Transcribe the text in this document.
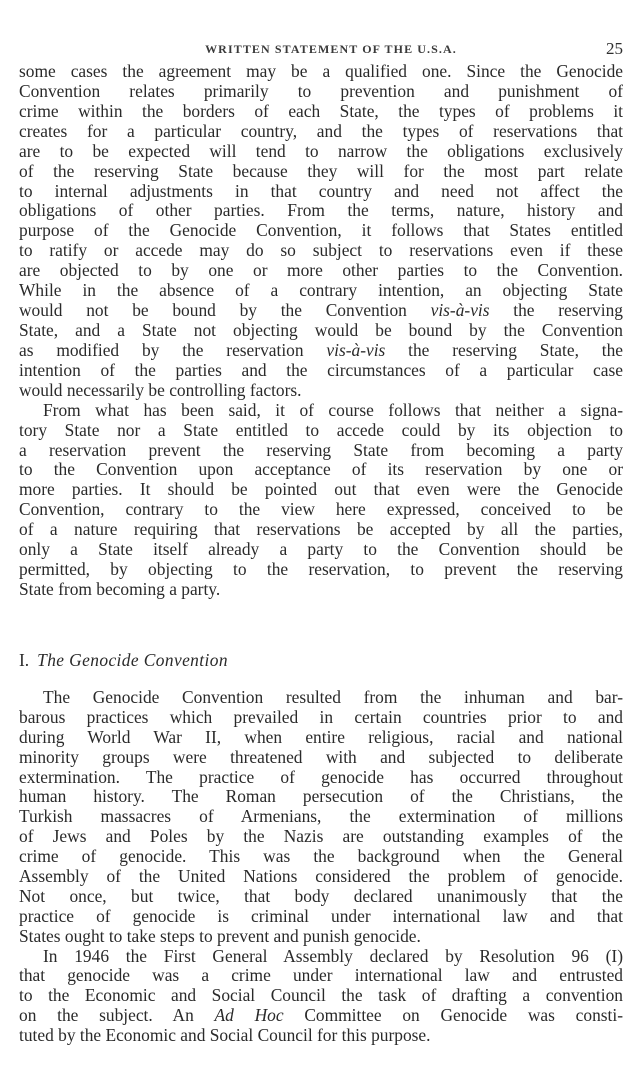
WRITTEN STATEMENT OF THE U.S.A.	25
some cases the agreement may be a qualified one. Since the Genocide
Convention relates primarily to prevention and punishment of
crime within the borders of each State, the types of problems it
creates for a particular country, and the types of reservations that
are to be expected will tend to narrow the obligations exclusively
of the reserving State because they will for the most part relate
to internal adjustments in that country and need not affect the
obligations of other parties. From the terms, nature, history and
purpose of the Genocide Convention, it follows that States entitled
to ratify or accede may do so subject to reservations even if these
are objected to by one or more other parties to the Convention.
While in the absence of a contrary intention, an objecting State
would not be bound by the Convention vis-à-vis the reserving
State, and a State not objecting would be bound by the Convention
as modified by the reservation vis-à-vis the reserving State, the
intention of the parties and the circumstances of a particular case
would necessarily be controlling factors.
From what has been said, it of course follows that neither a signa-
tory State nor a State entitled to accede could by its objection to
a reservation prevent the reserving State from becoming a party
to the Convention upon acceptance of its reservation by one or
more parties. It should be pointed out that even were the Genocide
Convention, contrary to the view here expressed, conceived to be
of a nature requiring that reservations be accepted by all the parties,
only a State itself already a party to the Convention should be
permitted, by objecting to the reservation, to prevent the reserving
State from becoming a party.
I. The Genocide Convention
The Genocide Convention resulted from the inhuman and bar-
barous practices which prevailed in certain countries prior to and
during World War II, when entire religious, racial and national
minority groups were threatened with and subjected to deliberate
extermination. The practice of genocide has occurred throughout
human history. The Roman persecution of the Christians, the
Turkish massacres of Armenians, the extermination of millions
of Jews and Poles by the Nazis are outstanding examples of the
crime of genocide. This was the background when the General
Assembly of the United Nations considered the problem of genocide.
Not once, but twice, that body declared unanimously that the
practice of genocide is criminal under international law and that
States ought to take steps to prevent and punish genocide.
In 1946 the First General Assembly declared by Resolution 96 (I)
that genocide was a crime under international law and entrusted
to the Economic and Social Council the task of drafting a convention
on the subject. An Ad Hoc Committee on Genocide was consti-
tuted by the Economic and Social Council for this purpose.
